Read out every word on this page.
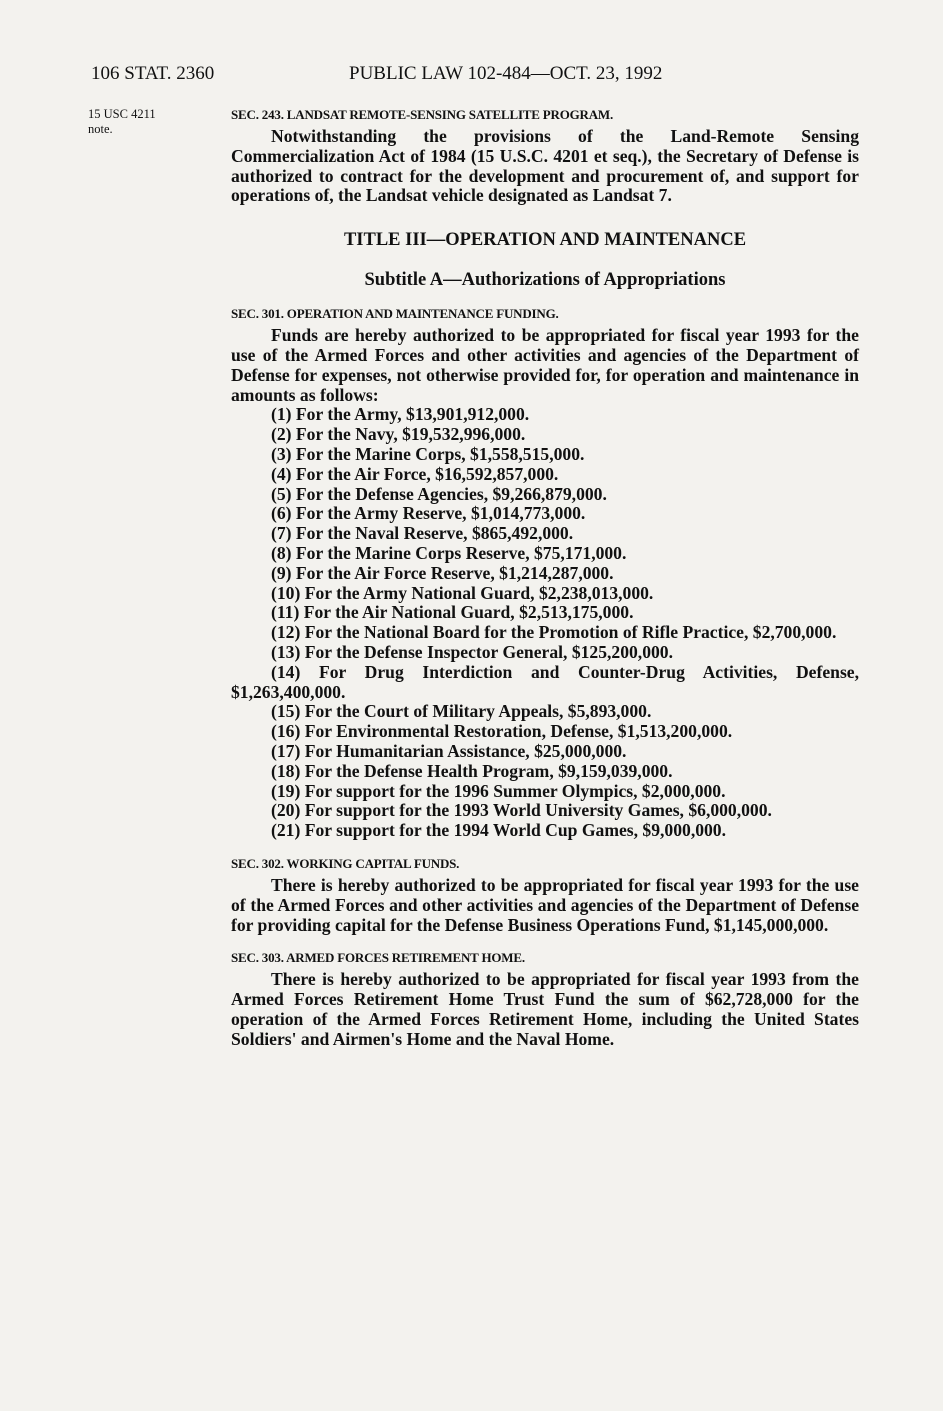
106 STAT. 2360	PUBLIC LAW 102-484—OCT. 23, 1992
15 USC 4211
note.
SEC. 243. LANDSAT REMOTE-SENSING SATELLITE PROGRAM.

Notwithstanding the provisions of the Land-Remote Sensing Commercialization Act of 1984 (15 U.S.C. 4201 et seq.), the Secretary of Defense is authorized to contract for the development and procurement of, and support for operations of, the Landsat vehicle designated as Landsat 7.

TITLE III—OPERATION AND MAINTENANCE
Subtitle A—Authorizations of Appropriations
SEC. 301. OPERATION AND MAINTENANCE FUNDING.

Funds are hereby authorized to be appropriated for fiscal year 1993 for the use of the Armed Forces and other activities and agencies of the Department of Defense for expenses, not otherwise provided for, for operation and maintenance in amounts as follows:

(1) For the Army, $13,901,912,000.
(2) For the Navy, $19,532,996,000.
(3) For the Marine Corps, $1,558,515,000.
(4) For the Air Force, $16,592,857,000.
(5) For the Defense Agencies, $9,266,879,000.
(6) For the Army Reserve, $1,014,773,000.
(7) For the Naval Reserve, $865,492,000.
(8) For the Marine Corps Reserve, $75,171,000.
(9) For the Air Force Reserve, $1,214,287,000.
(10) For the Army National Guard, $2,238,013,000.
(11) For the Air National Guard, $2,513,175,000.
(12) For the National Board for the Promotion of Rifle Practice, $2,700,000.
(13) For the Defense Inspector General, $125,200,000.
(14) For Drug Interdiction and Counter-Drug Activities, Defense, $1,263,400,000.
(15) For the Court of Military Appeals, $5,893,000.
(16) For Environmental Restoration, Defense, $1,513,200,000.
(17) For Humanitarian Assistance, $25,000,000.
(18) For the Defense Health Program, $9,159,039,000.
(19) For support for the 1996 Summer Olympics, $2,000,000.
(20) For support for the 1993 World University Games, $6,000,000.
(21) For support for the 1994 World Cup Games, $9,000,000.
SEC. 302. WORKING CAPITAL FUNDS.

There is hereby authorized to be appropriated for fiscal year 1993 for the use of the Armed Forces and other activities and agencies of the Department of Defense for providing capital for the Defense Business Operations Fund, $1,145,000,000.

SEC. 303. ARMED FORCES RETIREMENT HOME.

There is hereby authorized to be appropriated for fiscal year 1993 from the Armed Forces Retirement Home Trust Fund the sum of $62,728,000 for the operation of the Armed Forces Retirement Home, including the United States Soldiers' and Airmen's Home and the Naval Home.
